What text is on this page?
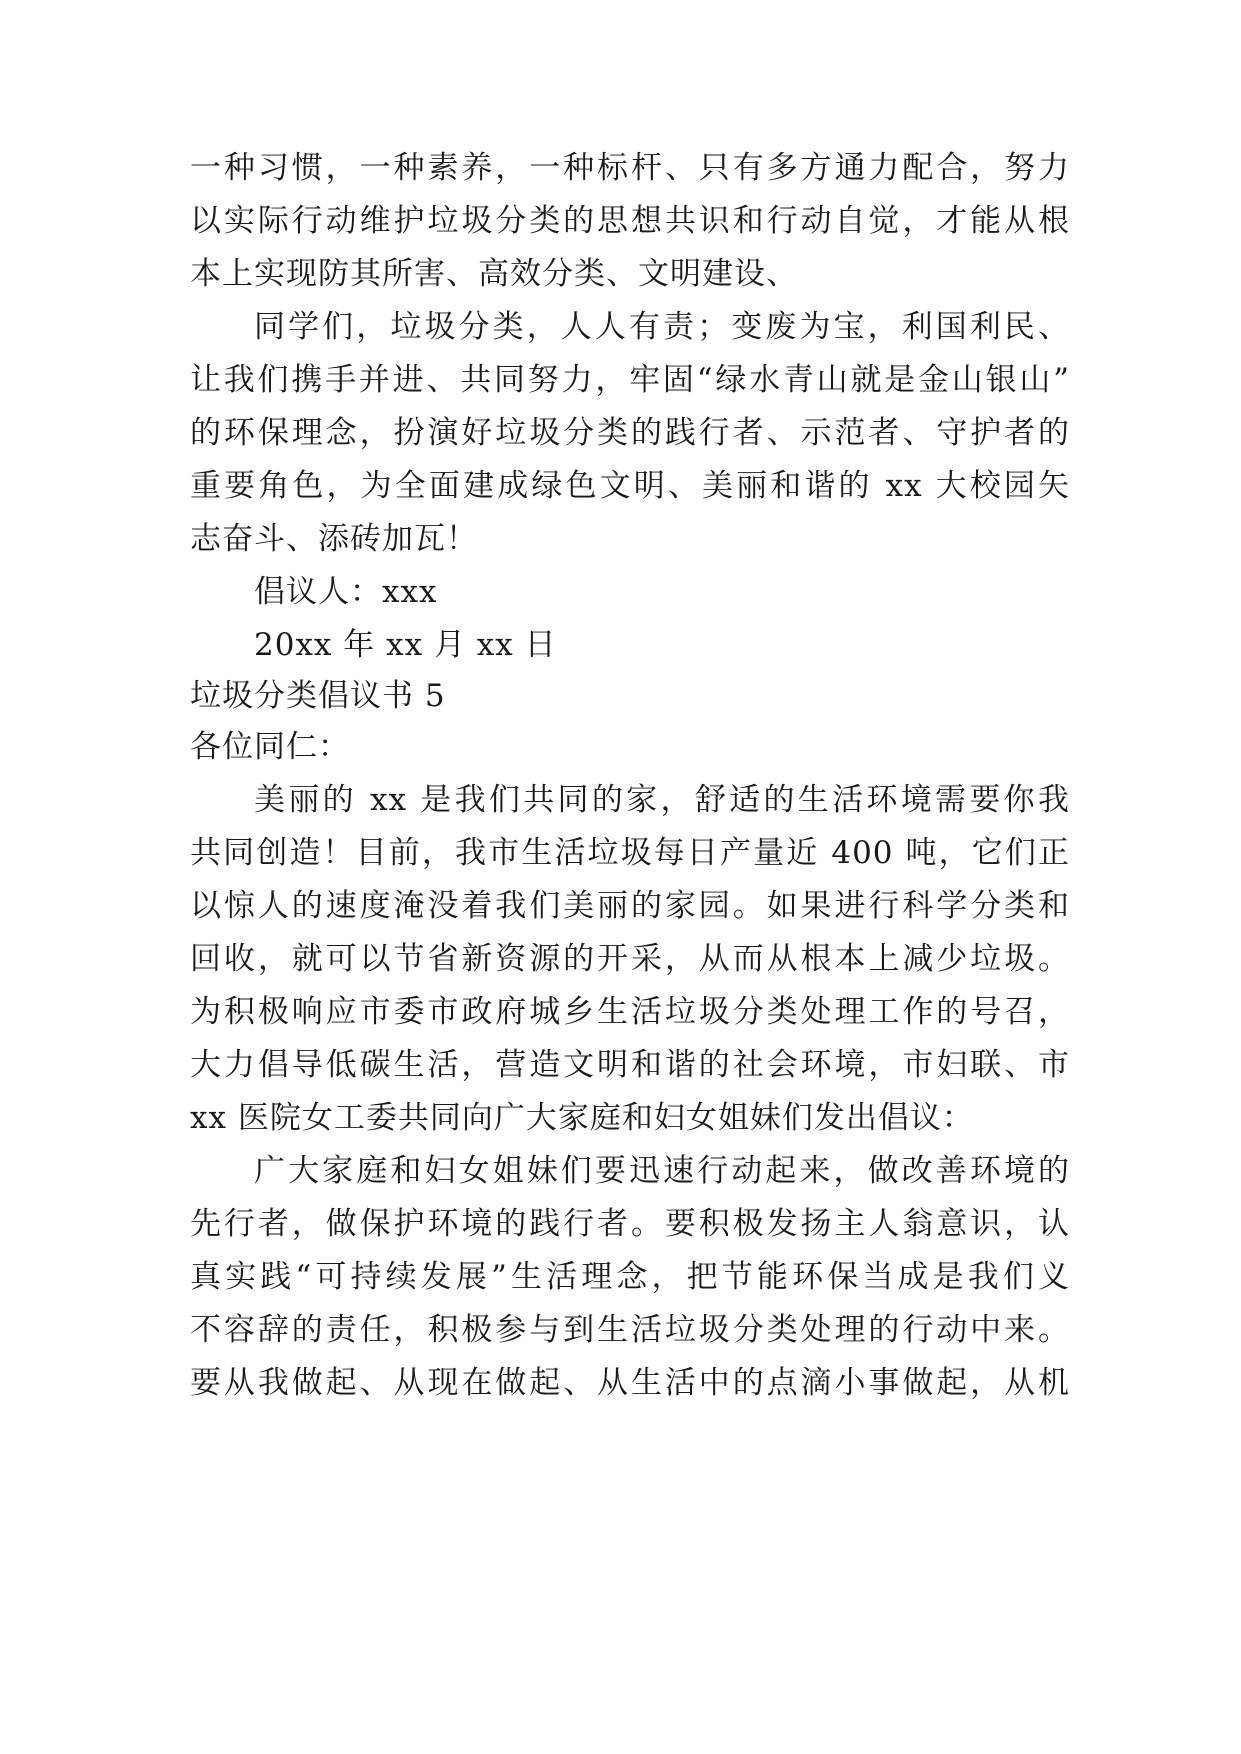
一种习惯，一种素养，一种标杆、只有多方通力配合，努力
以实际行动维护垃圾分类的思想共识和行动自觉，才能从根
本上实现防其所害、高效分类、文明建设、
同学们，垃圾分类，人人有责；变废为宝，利国利民、
让我们携手并进、共同努力，牢固“绿水青山就是金山银山”
的环保理念，扮演好垃圾分类的践行者、示范者、守护者的
重要角色，为全面建成绿色文明、美丽和谐的 xx 大校园矢
志奋斗、添砖加瓦！
倡议人：xxx
20xx 年 xx 月 xx 日
垃圾分类倡议书 5
各位同仁：
美丽的 xx 是我们共同的家，舒适的生活环境需要你我
共同创造！目前，我市生活垃圾每日产量近 400 吨，它们正
以惊人的速度淹没着我们美丽的家园。如果进行科学分类和
回收，就可以节省新资源的开采，从而从根本上减少垃圾。
为积极响应市委市政府城乡生活垃圾分类处理工作的号召，
大力倡导低碳生活，营造文明和谐的社会环境，市妇联、市
xx 医院女工委共同向广大家庭和妇女姐妹们发出倡议：
广大家庭和妇女姐妹们要迅速行动起来，做改善环境的
先行者，做保护环境的践行者。要积极发扬主人翁意识，认
真实践“可持续发展”生活理念，把节能环保当成是我们义
不容辞的责任，积极参与到生活垃圾分类处理的行动中来。
要从我做起、从现在做起、从生活中的点滴小事做起，从机
